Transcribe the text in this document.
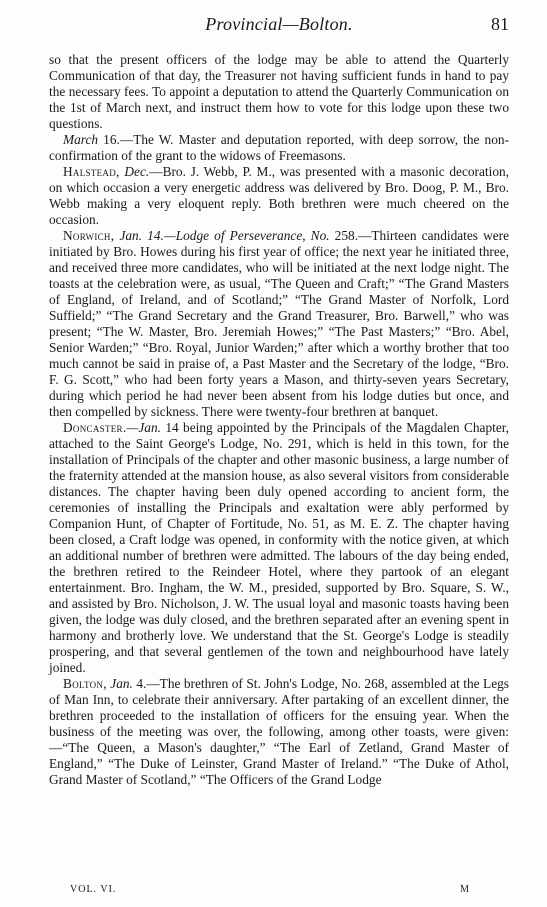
Provincial—Bolton.	81

so that the present officers of the lodge may be able to attend the Quarterly Communication of that day, the Treasurer not having sufficient funds in hand to pay the necessary fees. To appoint a deputation to attend the Quarterly Communication on the 1st of March next, and instruct them how to vote for this lodge upon these two questions.

March 16.—The W. Master and deputation reported, with deep sorrow, the non-confirmation of the grant to the widows of Freemasons.

Halstead, Dec.—Bro. J. Webb, P. M., was presented with a masonic decoration, on which occasion a very energetic address was delivered by Bro. Doog, P. M., Bro. Webb making a very eloquent reply. Both brethren were much cheered on the occasion.

Norwich, Jan. 14.—Lodge of Perseverance, No. 258.—Thirteen candidates were initiated by Bro. Howes during his first year of office; the next year he initiated three, and received three more candidates, who will be initiated at the next lodge night. The toasts at the celebration were, as usual, “The Queen and Craft;” “The Grand Masters of England, of Ireland, and of Scotland;” “The Grand Master of Norfolk, Lord Suffield;” “The Grand Secretary and the Grand Treasurer, Bro. Barwell,” who was present; “The W. Master, Bro. Jeremiah Howes;” “The Past Masters;” “Bro. Abel, Senior Warden;” “Bro. Royal, Junior Warden;” after which a worthy brother that too much cannot be said in praise of, a Past Master and the Secretary of the lodge, “Bro. F. G. Scott,” who had been forty years a Mason, and thirty-seven years Secretary, during which period he had never been absent from his lodge duties but once, and then compelled by sickness. There were twenty-four brethren at banquet.

Doncaster.—Jan. 14 being appointed by the Principals of the Magdalen Chapter, attached to the Saint George's Lodge, No. 291, which is held in this town, for the installation of Principals of the chapter and other masonic business, a large number of the fraternity attended at the mansion house, as also several visitors from considerable distances. The chapter having been duly opened according to ancient form, the ceremonies of installing the Principals and exaltation were ably performed by Companion Hunt, of Chapter of Fortitude, No. 51, as M. E. Z. The chapter having been closed, a Craft lodge was opened, in conformity with the notice given, at which an additional number of brethren were admitted. The labours of the day being ended, the brethren retired to the Reindeer Hotel, where they partook of an elegant entertainment. Bro. Ingham, the W. M., presided, supported by Bro. Square, S. W., and assisted by Bro. Nicholson, J. W. The usual loyal and masonic toasts having been given, the lodge was duly closed, and the brethren separated after an evening spent in harmony and brotherly love. We understand that the St. George's Lodge is steadily prospering, and that several gentlemen of the town and neighbourhood have lately joined.

Bolton, Jan. 4.—The brethren of St. John's Lodge, No. 268, assembled at the Legs of Man Inn, to celebrate their anniversary. After partaking of an excellent dinner, the brethren proceeded to the installation of officers for the ensuing year. When the business of the meeting was over, the following, among other toasts, were given:—“The Queen, a Mason's daughter,” “The Earl of Zetland, Grand Master of England,” “The Duke of Leinster, Grand Master of Ireland.” “The Duke of Athol, Grand Master of Scotland,” “The Officers of the Grand Lodge

VOL. VI.	M
